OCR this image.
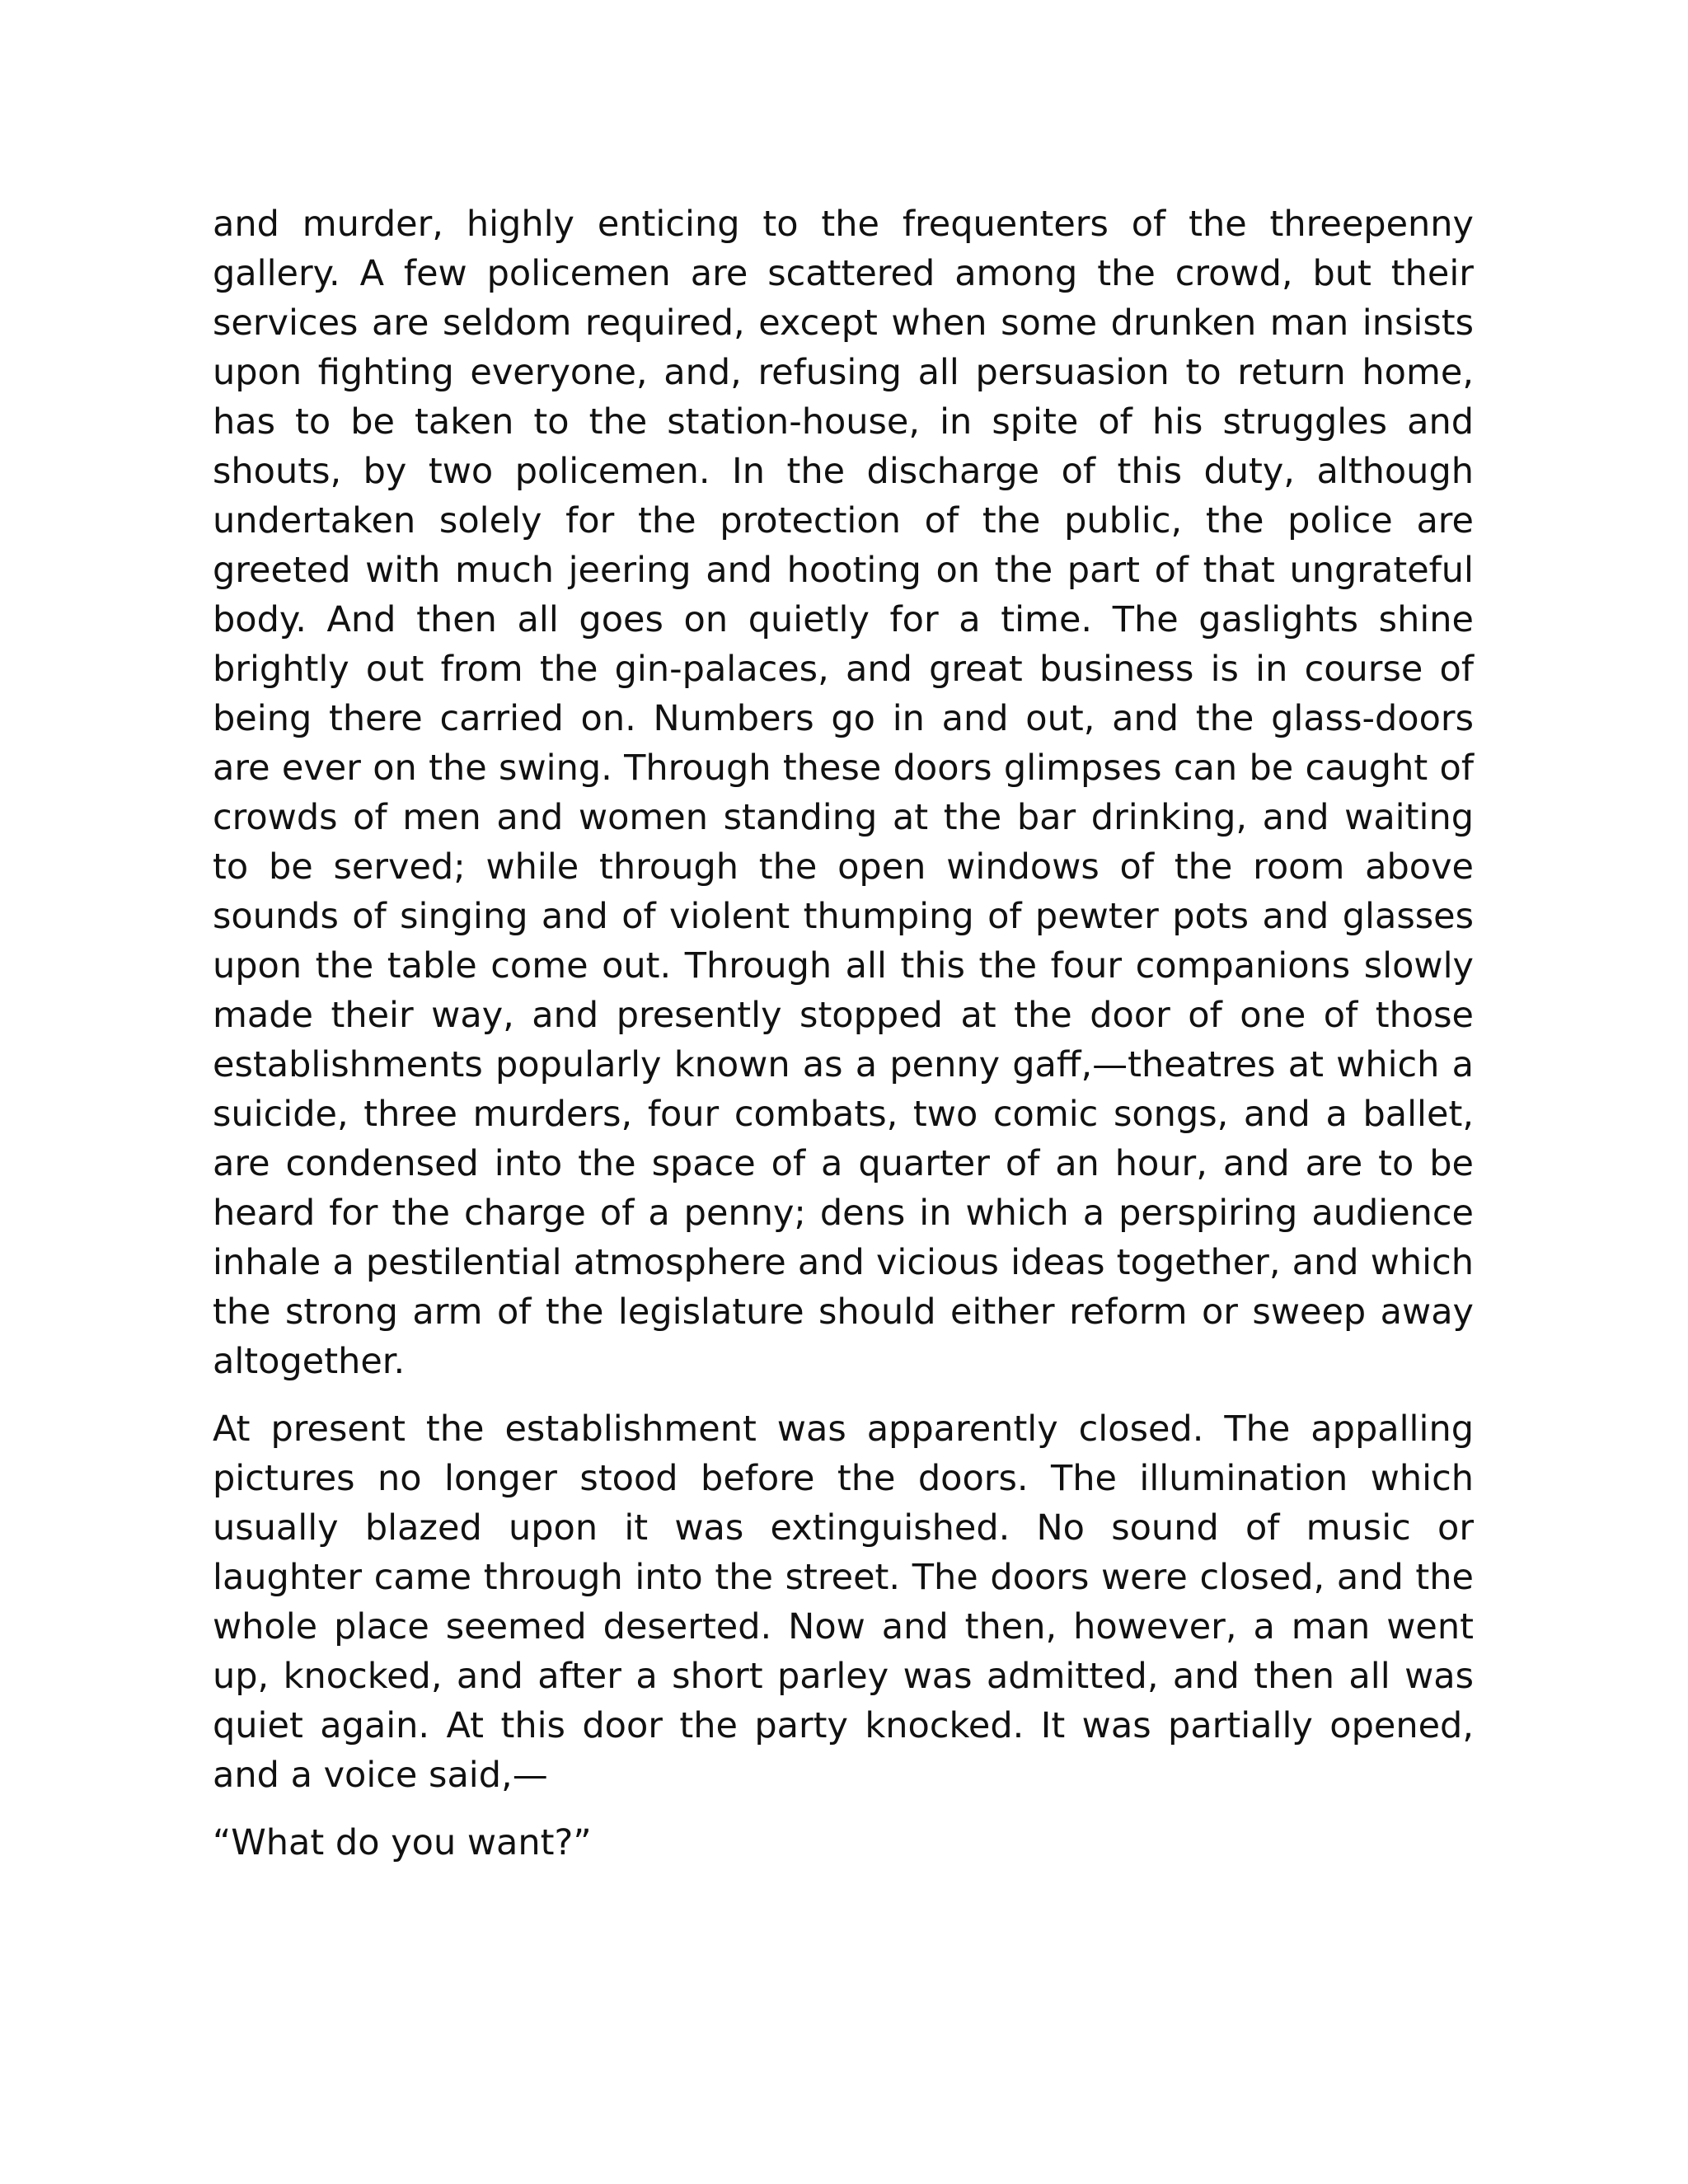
and murder, highly enticing to the frequenters of the threepenny gallery. A few policemen are scattered among the crowd, but their services are seldom required, except when some drunken man insists upon fighting everyone, and, refusing all persuasion to return home, has to be taken to the station-house, in spite of his struggles and shouts, by two policemen. In the discharge of this duty, although undertaken solely for the protection of the public, the police are greeted with much jeering and hooting on the part of that ungrateful body. And then all goes on quietly for a time. The gaslights shine brightly out from the gin-palaces, and great business is in course of being there carried on. Numbers go in and out, and the glass-doors are ever on the swing. Through these doors glimpses can be caught of crowds of men and women standing at the bar drinking, and waiting to be served; while through the open windows of the room above sounds of singing and of violent thumping of pewter pots and glasses upon the table come out. Through all this the four companions slowly made their way, and presently stopped at the door of one of those establishments popularly known as a penny gaff,—theatres at which a suicide, three murders, four combats, two comic songs, and a ballet, are condensed into the space of a quarter of an hour, and are to be heard for the charge of a penny; dens in which a perspiring audience inhale a pestilential atmosphere and vicious ideas together, and which the strong arm of the legislature should either reform or sweep away altogether.

At present the establishment was apparently closed. The appalling pictures no longer stood before the doors. The illumination which usually blazed upon it was extinguished. No sound of music or laughter came through into the street. The doors were closed, and the whole place seemed deserted. Now and then, however, a man went up, knocked, and after a short parley was admitted, and then all was quiet again. At this door the party knocked. It was partially opened, and a voice said,—

“What do you want?”
